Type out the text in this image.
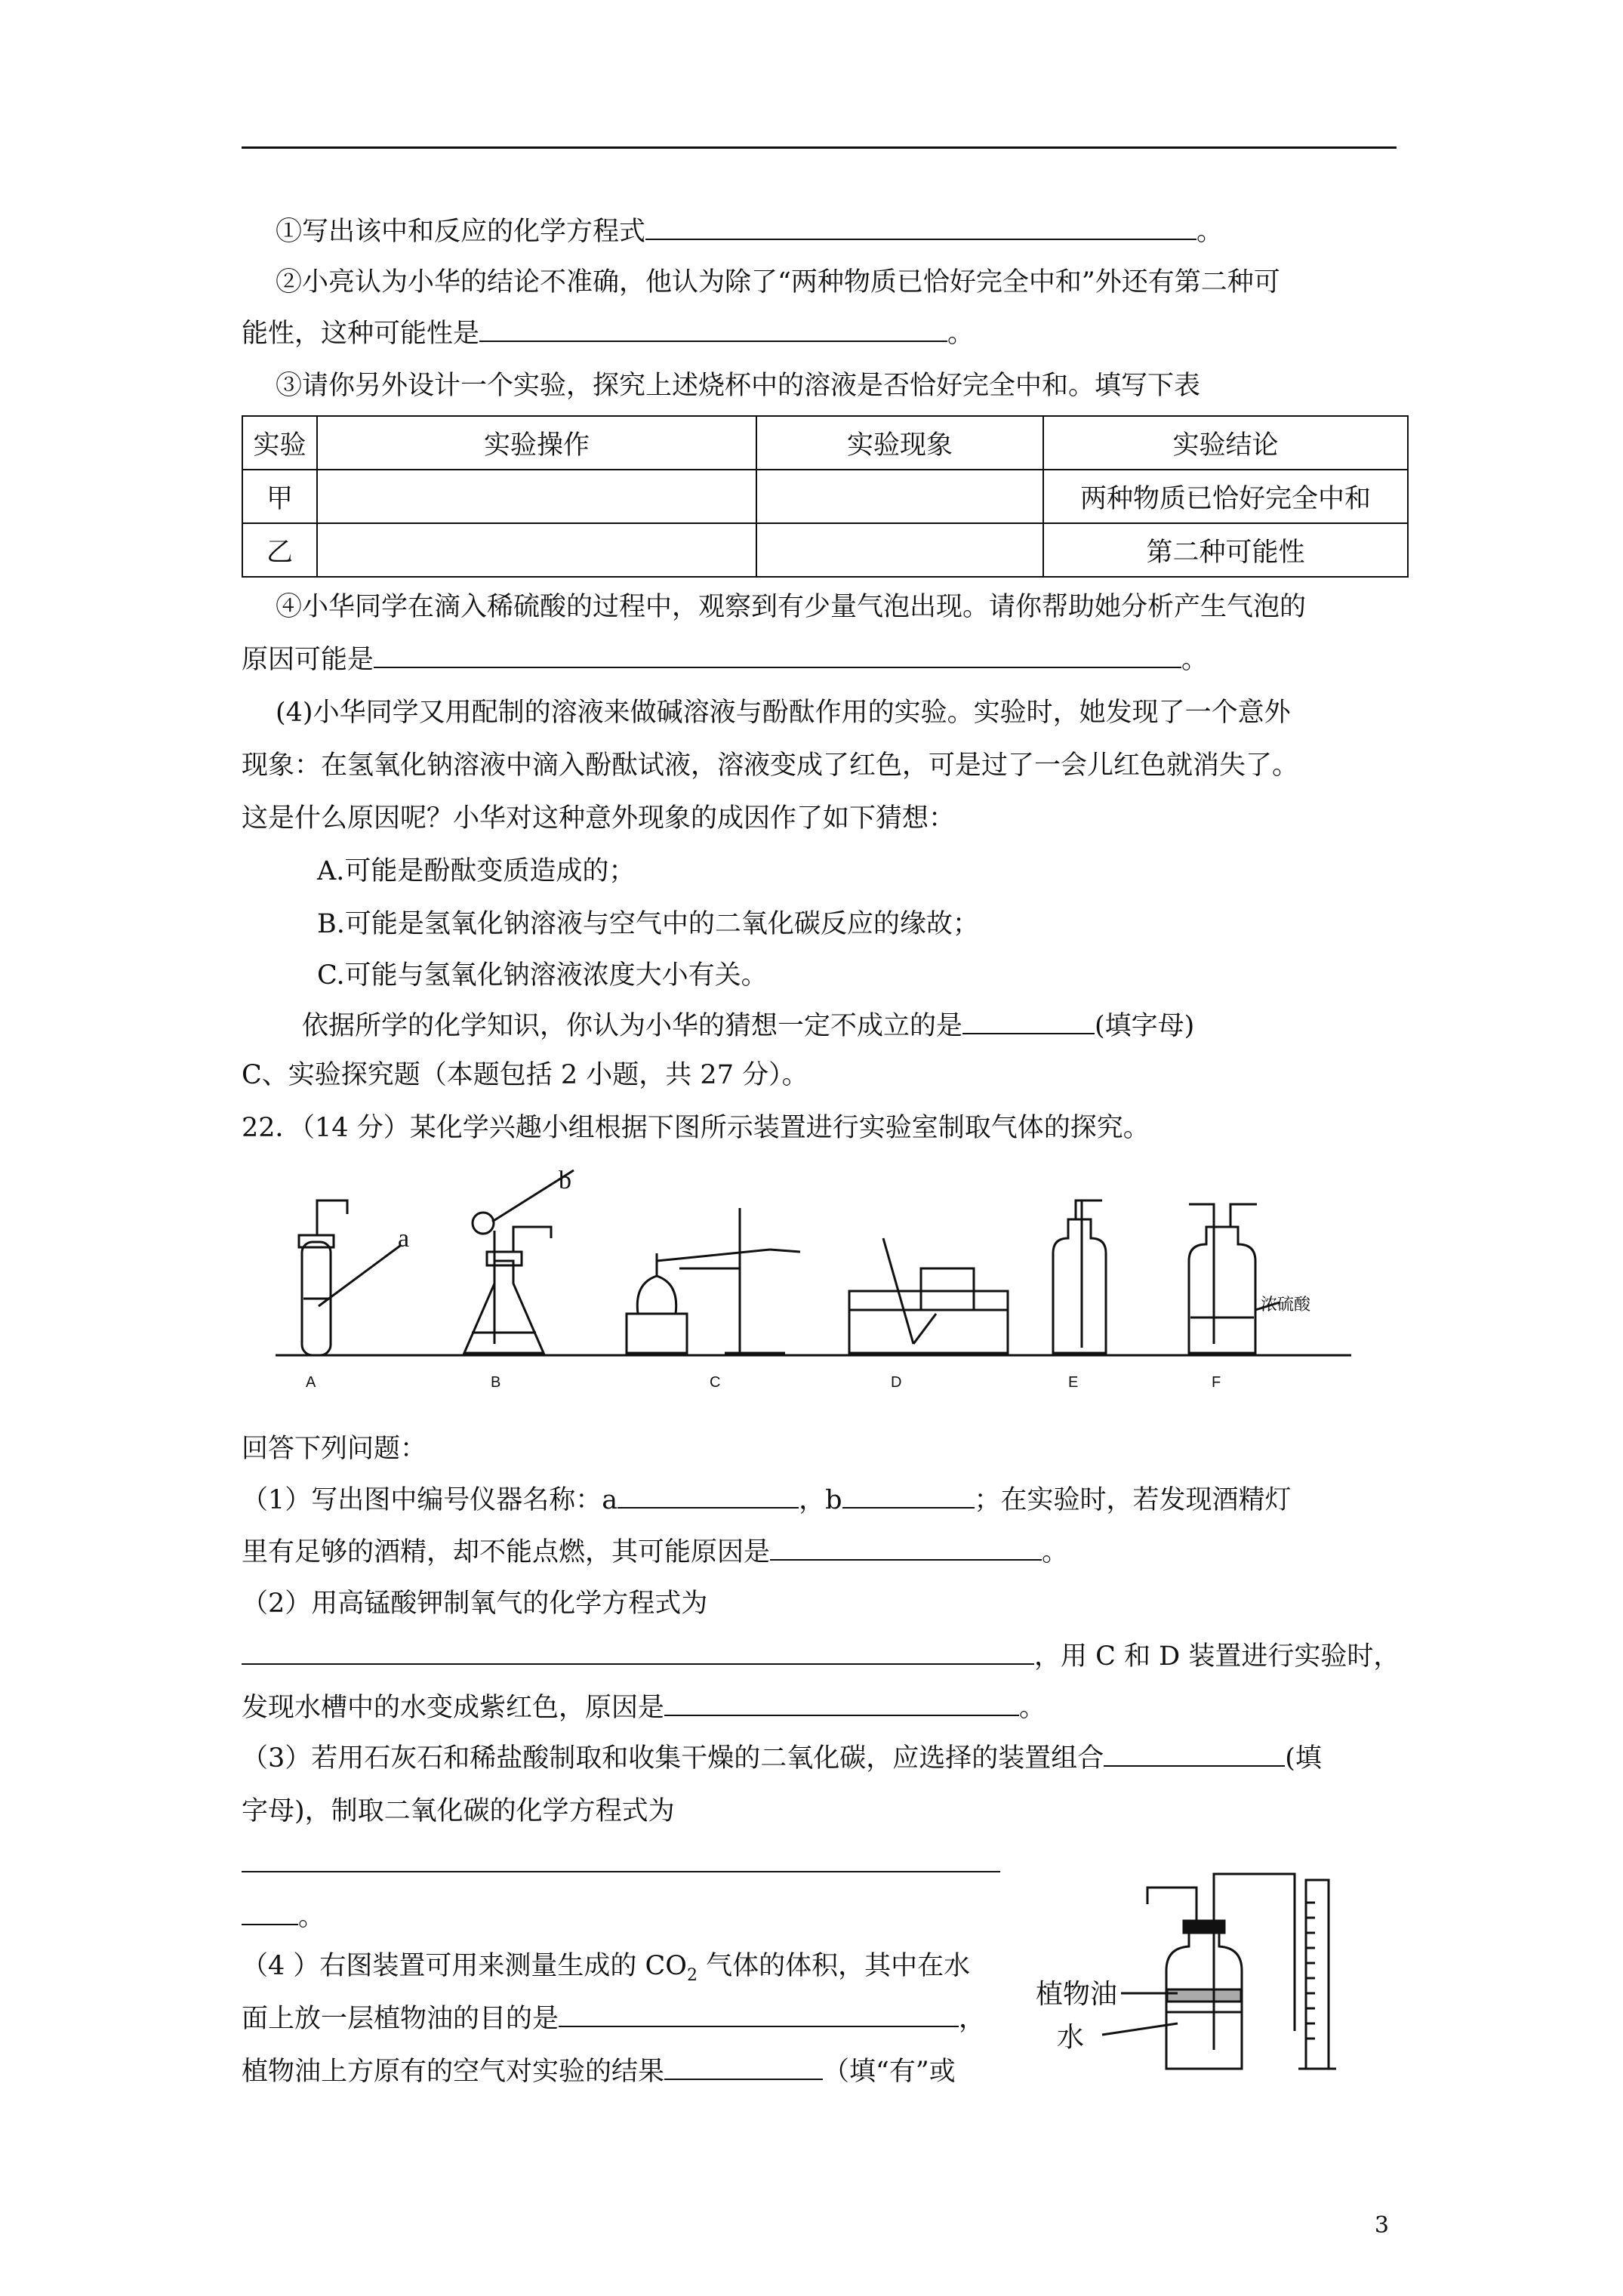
①写出该中和反应的化学方程式	。
②小亮认为小华的结论不准确，他认为除了“两种物质已恰好完全中和”外还有第二种可
能性，这种可能性是	。
③请你另外设计一个实验，探究上述烧杯中的溶液是否恰好完全中和。填写下表
实验	实验操作	实验现象	实验结论
甲			两种物质已恰好完全中和
乙			第二种可能性
④小华同学在滴入稀硫酸的过程中，观察到有少量气泡出现。请你帮助她分析产生气泡的
原因可能是	。
(4)小华同学又用配制的溶液来做碱溶液与酚酞作用的实验。实验时，她发现了一个意外
现象：在氢氧化钠溶液中滴入酚酞试液，溶液变成了红色，可是过了一会儿红色就消失了。
这是什么原因呢？小华对这种意外现象的成因作了如下猜想：
A.可能是酚酞变质造成的；
B.可能是氢氧化钠溶液与空气中的二氧化碳反应的缘故；
C.可能与氢氧化钠溶液浓度大小有关。
依据所学的化学知识，你认为小华的猜想一定不成立的是	(填字母)
C、实验探究题（本题包括 2 小题，共 27 分）。
22．（14 分）某化学兴趣小组根据下图所示装置进行实验室制取气体的探究。
b
a
浓硫酸
A	B	C	D	E	F
回答下列问题：
（1）写出图中编号仪器名称：a	，b	；在实验时，若发现酒精灯
里有足够的酒精，却不能点燃，其可能原因是	。
（2）用高锰酸钾制氧气的化学方程式为
，用 C 和 D 装置进行实验时，
发现水槽中的水变成紫红色，原因是	。
（3）若用石灰石和稀盐酸制取和收集干燥的二氧化碳，应选择的装置组合	(填
字母)，制取二氧化碳的化学方程式为
。
（4 ）右图装置可用来测量生成的 $CO_2$ 气体的体积，其中在水
面上放一层植物油的目的是	，
植物油上方原有的空气对实验的结果	（填“有”或
植物油
水
3
